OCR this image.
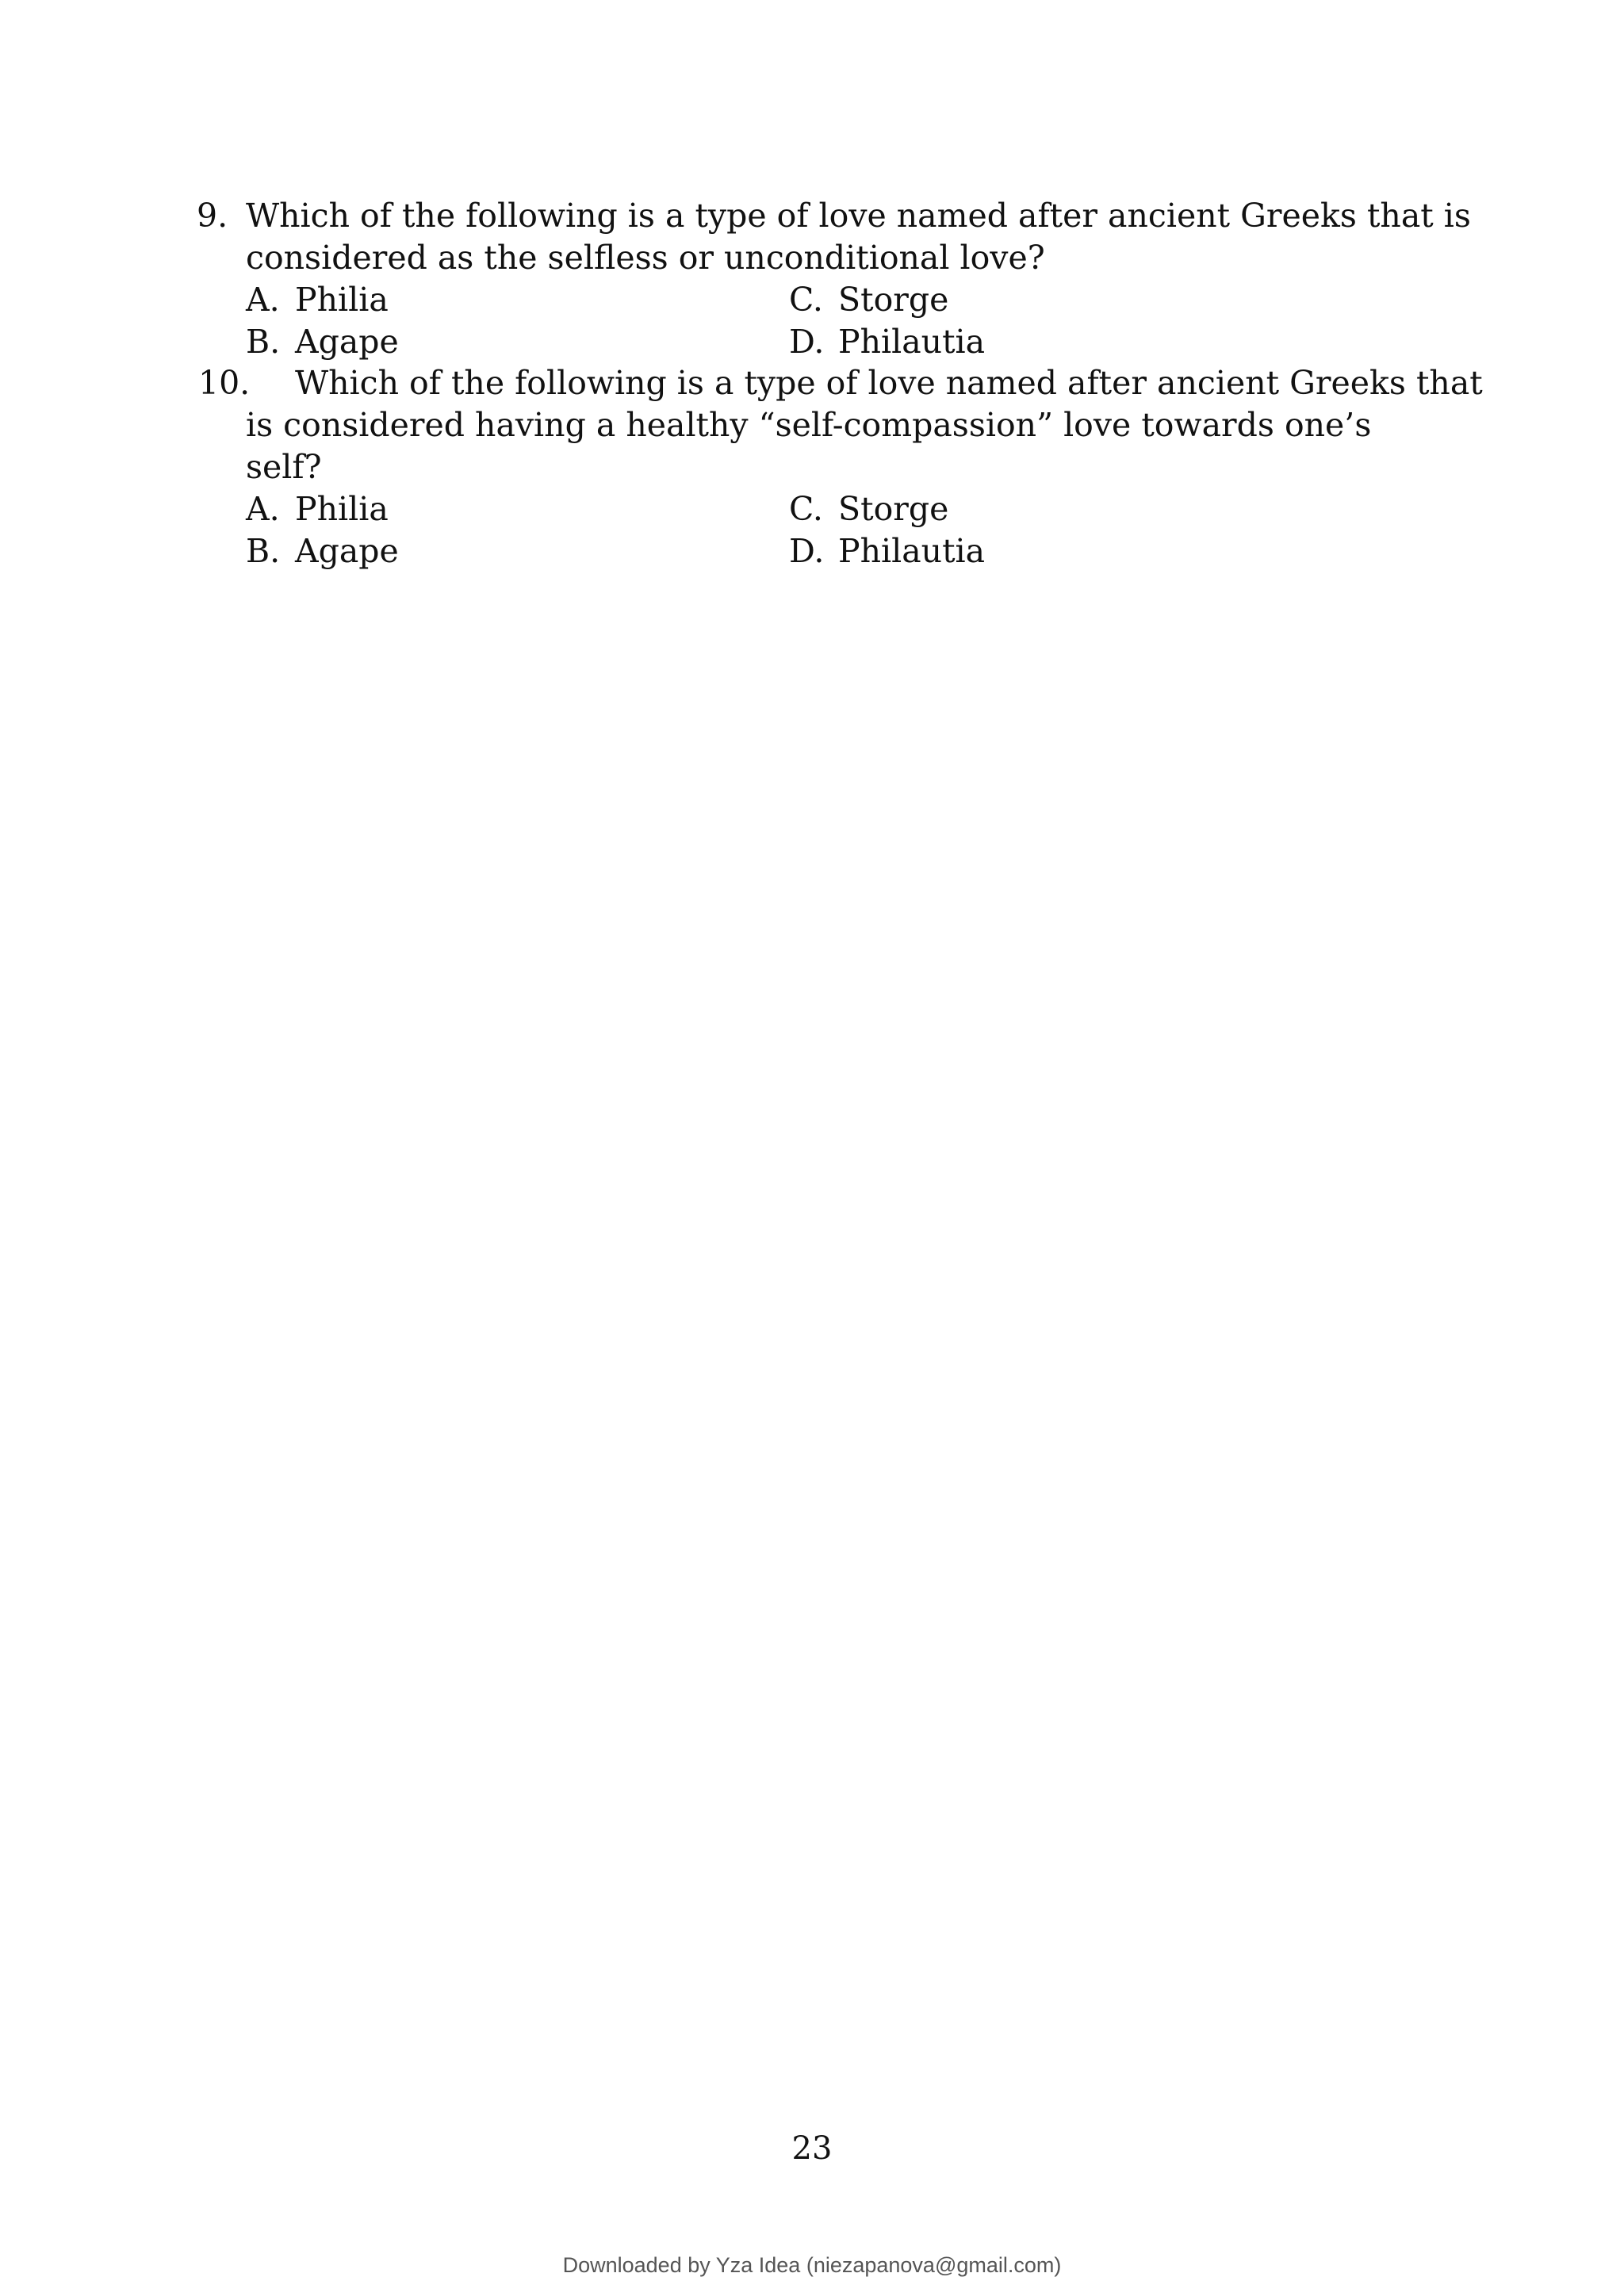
9. Which of the following is a type of love named after ancient Greeks that is
considered as the selfless or unconditional love?
A. Philia
B. Agape
C. Storge
D. Philautia
10. Which of the following is a type of love named after ancient Greeks that
is considered having a healthy “self-compassion” love towards one’s self?
A. Philia
B. Agape
C. Storge
D. Philautia
23
Downloaded by Yza Idea (niezapanova@gmail.com)
